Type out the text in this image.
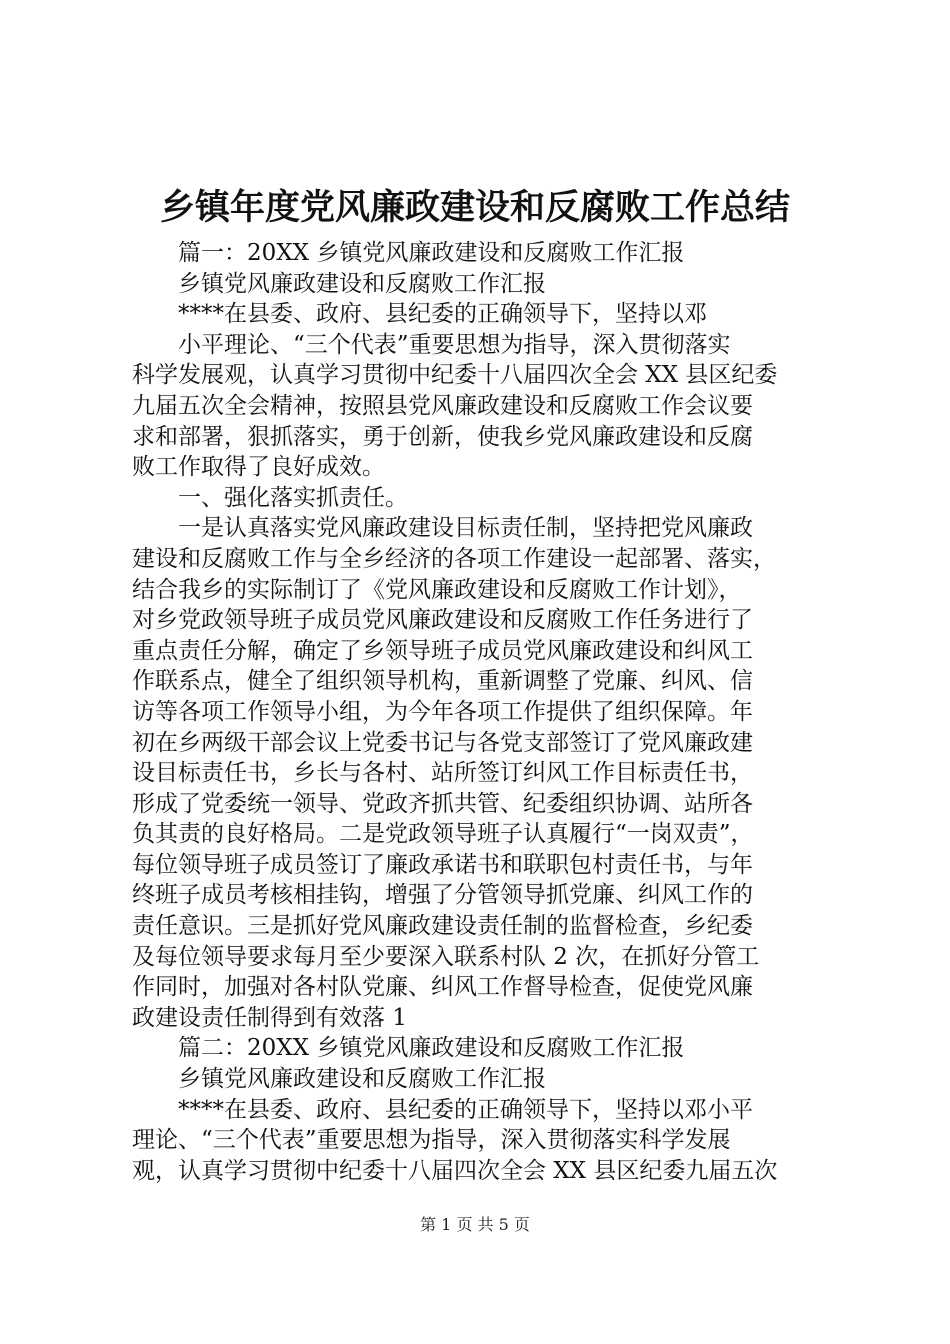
乡镇年度党风廉政建设和反腐败工作总结
篇一：20XX 乡镇党风廉政建设和反腐败工作汇报
乡镇党风廉政建设和反腐败工作汇报
****在县委、政府、县纪委的正确领导下，坚持以邓
小平理论、“三个代表”重要思想为指导，深入贯彻落实
科学发展观，认真学习贯彻中纪委十八届四次全会 XX 县区纪委
九届五次全会精神，按照县党风廉政建设和反腐败工作会议要
求和部署，狠抓落实，勇于创新，使我乡党风廉政建设和反腐
败工作取得了良好成效。
一、强化落实抓责任。
一是认真落实党风廉政建设目标责任制，坚持把党风廉政
建设和反腐败工作与全乡经济的各项工作建设一起部署、落实，
结合我乡的实际制订了《党风廉政建设和反腐败工作计划》，
对乡党政领导班子成员党风廉政建设和反腐败工作任务进行了
重点责任分解，确定了乡领导班子成员党风廉政建设和纠风工
作联系点，健全了组织领导机构，重新调整了党廉、纠风、信
访等各项工作领导小组，为今年各项工作提供了组织保障。年
初在乡两级干部会议上党委书记与各党支部签订了党风廉政建
设目标责任书，乡长与各村、站所签订纠风工作目标责任书，
形成了党委统一领导、党政齐抓共管、纪委组织协调、站所各
负其责的良好格局。二是党政领导班子认真履行“一岗双责”，
每位领导班子成员签订了廉政承诺书和联职包村责任书，与年
终班子成员考核相挂钩，增强了分管领导抓党廉、纠风工作的
责任意识。三是抓好党风廉政建设责任制的监督检查，乡纪委
及每位领导要求每月至少要深入联系村队 2 次，在抓好分管工
作同时，加强对各村队党廉、纠风工作督导检查，促使党风廉
政建设责任制得到有效落 1
篇二：20XX 乡镇党风廉政建设和反腐败工作汇报
乡镇党风廉政建设和反腐败工作汇报
****在县委、政府、县纪委的正确领导下，坚持以邓小平
理论、“三个代表”重要思想为指导，深入贯彻落实科学发展
观，认真学习贯彻中纪委十八届四次全会 XX 县区纪委九届五次
第 1 页 共 5 页
